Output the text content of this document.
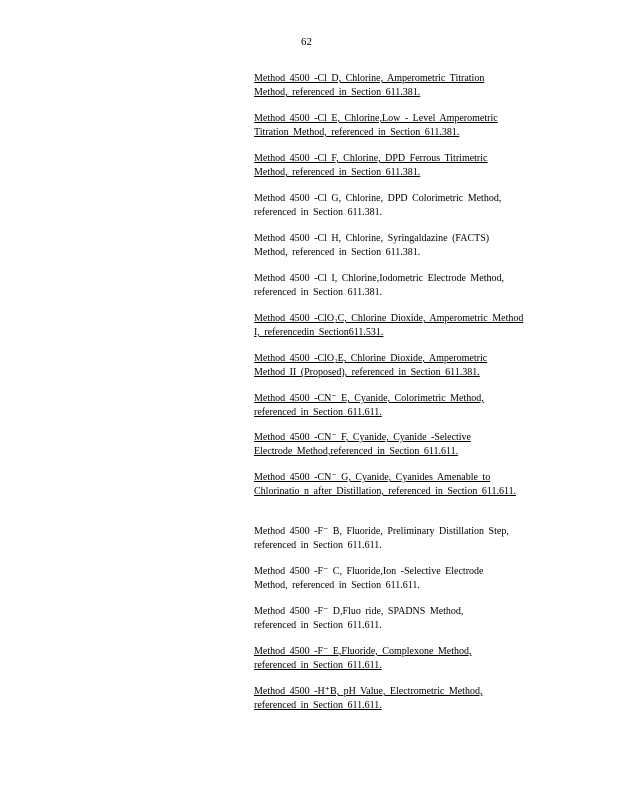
62

Method 4500 -Cl D, Chlorine, Amperometric Titration Method, referenced in Section 611.381.

Method 4500 -Cl E, Chlorine,Low - Level Amperometric Titration Method, referenced in Section 611.381.

Method 4500 -Cl F, Chlorine, DPD Ferrous Titrimetric Method, referenced in Section 611.381.

Method 4500 -Cl G, Chlorine, DPD Colorimetric Method, referenced in Section 611.381.

Method 4500 -Cl H, Chlorine, Syringaldazine (FACTS) Method, referenced in Section 611.381.

Method 4500 -Cl I, Chlorine,Iodometric Electrode Method, referenced in Section 611.381.

Method 4500 -ClO₂C, Chlorine Dioxide, Amperometric Method I, referencedin Section611.531.

Method 4500 -ClO₂E, Chlorine Dioxide, Amperometric Method II (Proposed), referenced in Section 611.381.

Method 4500 -CN⁻ E, Cyanide, Colorimetric Method, referenced in Section 611.611.

Method 4500 -CN⁻ F, Cyanide, Cyanide -Selective Electrode Method,referenced in Section 611.611.

Method 4500 -CN⁻ G, Cyanide, Cyanides Amenable to Chlorinatio n after Distillation, referenced in Section 611.611.

Method 4500 -F⁻ B, Fluoride, Preliminary Distillation Step, referenced in Section 611.611.

Method 4500 -F⁻ C, Fluoride,Ion -Selective Electrode Method, referenced in Section 611.611.

Method 4500 -F⁻ D,Fluo ride, SPADNS Method, referenced in Section 611.611.

Method 4500 -F⁻ E,Fluoride, Complexone Method, referenced in Section 611.611.

Method 4500 -H⁺B, pH Value, Electrometric Method, referenced in Section 611.611.
